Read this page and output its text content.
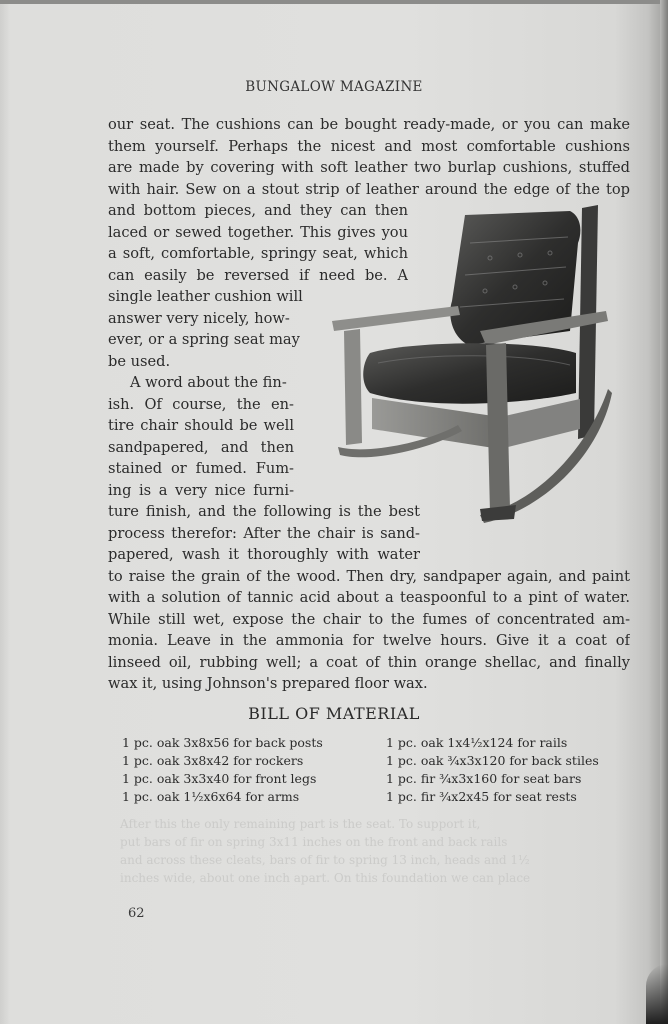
BUNGALOW MAGAZINE
our seat. The cushions can be bought ready-made, or you can make
them yourself. Perhaps the nicest and most comfortable cushions
are made by covering with soft leather two burlap cushions, stuffed
with hair. Sew on a stout strip of leather around the edge of the top
and bottom pieces, and they can then
laced or sewed together. This gives you
a soft, comfortable, springy seat, which
can easily be reversed if need be. A
single leather cushion will
answer very nicely, how-
ever, or a spring seat may
be used.
A word about the fin-
ish. Of course, the en-
tire chair should be well
sandpapered, and then
stained or fumed. Fum-
ing is a very nice furni-
ture finish, and the following is the best
process therefor: After the chair is sand-
papered, wash it thoroughly with water
to raise the grain of the wood. Then dry, sandpaper again, and paint
with a solution of tannic acid about a teaspoonful to a pint of water.
While still wet, expose the chair to the fumes of concentrated am-
monia. Leave in the ammonia for twelve hours. Give it a coat of
linseed oil, rubbing well; a coat of thin orange shellac, and finally
wax it, using Johnson's prepared floor wax.
BILL OF MATERIAL
1 pc. oak 3x8x56 for back posts
1 pc. oak 3x8x42 for rockers
1 pc. oak 3x3x40 for front legs
1 pc. oak 1½x6x64 for arms
1 pc. oak 1x4½x124 for rails
1 pc. oak ¾x3x120 for back stiles
1 pc. fir ¾x3x160 for seat bars
1 pc. fir ¾x2x45 for seat rests
After this the only remaining part is the seat. To support it,
put bars of fir on spring 3x11 inches on the front and back rails
and across these cleats, bars of fir to spring 13 inch, heads and 1½
inches wide, about one inch apart. On this foundation we can place
62
